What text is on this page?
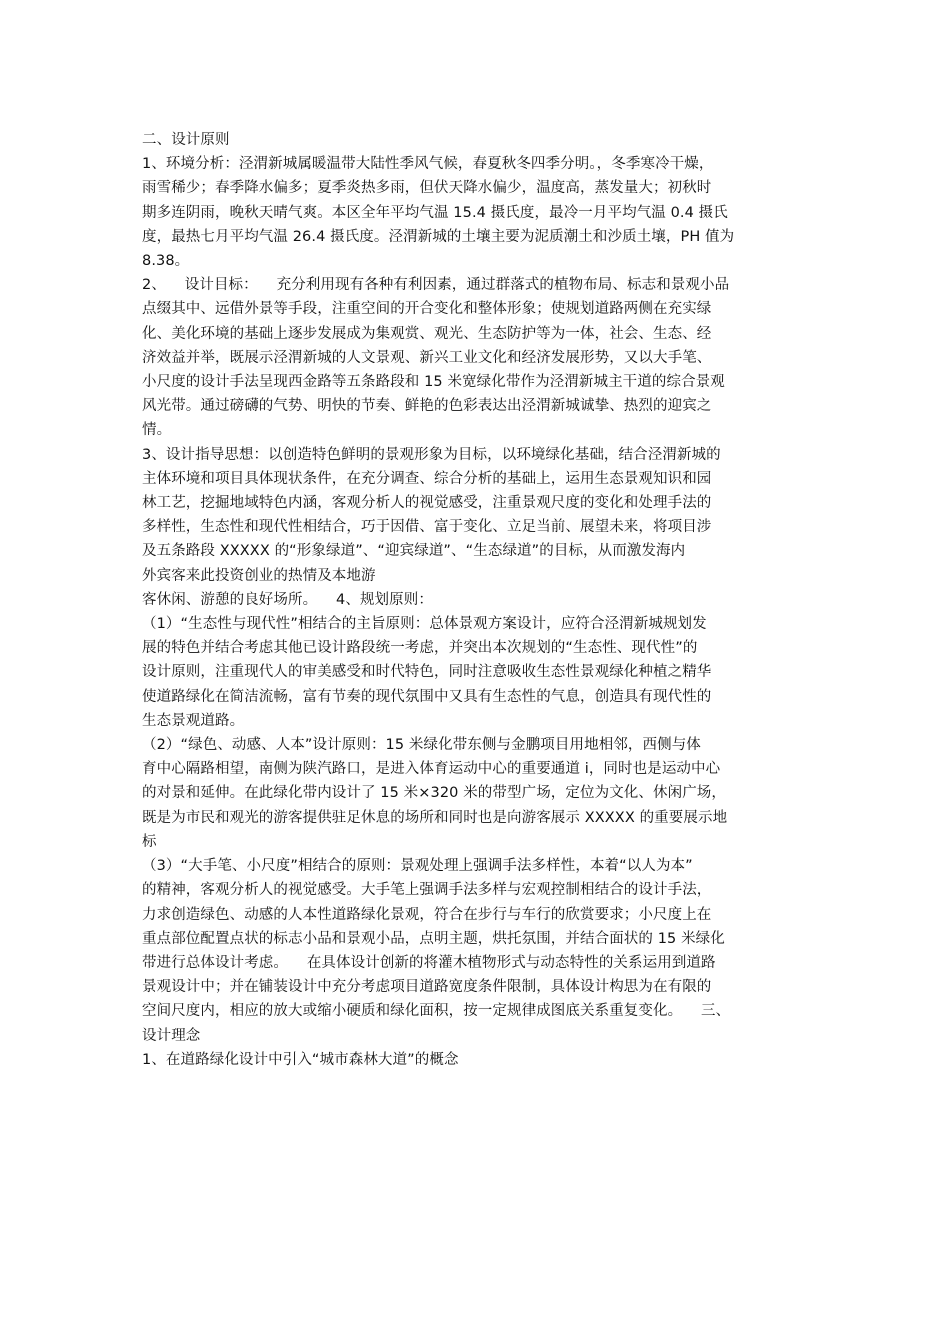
二、设计原则
1、环境分析：泾渭新城属暖温带大陆性季风气候，春夏秋冬四季分明。，冬季寒冷干燥，
雨雪稀少；春季降水偏多；夏季炎热多雨，但伏天降水偏少，温度高，蒸发量大；初秋时
期多连阴雨，晚秋天晴气爽。本区全年平均气温 15.4 摄氏度，最冷一月平均气温 0.4 摄氏
度，最热七月平均气温 26.4 摄氏度。泾渭新城的土壤主要为泥质潮土和沙质土壤，PH 值为
8.38。
2、    设计目标：    充分利用现有各种有利因素，通过群落式的植物布局、标志和景观小品
点缀其中、远借外景等手段，注重空间的开合变化和整体形象；使规划道路两侧在充实绿
化、美化环境的基础上逐步发展成为集观赏、观光、生态防护等为一体，社会、生态、经
济效益并举，既展示泾渭新城的人文景观、新兴工业文化和经济发展形势，又以大手笔、
小尺度的设计手法呈现西金路等五条路段和 15 米宽绿化带作为泾渭新城主干道的综合景观
风光带。通过磅礴的气势、明快的节奏、鲜艳的色彩表达出泾渭新城诚挚、热烈的迎宾之
情。
3、设计指导思想：以创造特色鲜明的景观形象为目标，以环境绿化基础，结合泾渭新城的
主体环境和项目具体现状条件，在充分调查、综合分析的基础上，运用生态景观知识和园
林工艺，挖掘地域特色内涵，客观分析人的视觉感受，注重景观尺度的变化和处理手法的
多样性，生态性和现代性相结合，巧于因借、富于变化、立足当前、展望未来，将项目涉
及五条路段 XXXXX 的“形象绿道”、“迎宾绿道”、“生态绿道”的目标，从而激发海内
外宾客来此投资创业的热情及本地游
客休闲、游憩的良好场所。    4、规划原则：
（1）“生态性与现代性”相结合的主旨原则：总体景观方案设计，应符合泾渭新城规划发
展的特色并结合考虑其他已设计路段统一考虑，并突出本次规划的“生态性、现代性”的
设计原则，注重现代人的审美感受和时代特色，同时注意吸收生态性景观绿化种植之精华
使道路绿化在简洁流畅，富有节奏的现代氛围中又具有生态性的气息，创造具有现代性的
生态景观道路。
（2）“绿色、动感、人本”设计原则：15 米绿化带东侧与金鹏项目用地相邻，西侧与体
育中心隔路相望，南侧为陕汽路口，是进入体育运动中心的重要通道 i，同时也是运动中心
的对景和延伸。在此绿化带内设计了 15 米×320 米的带型广场，定位为文化、休闲广场，
既是为市民和观光的游客提供驻足休息的场所和同时也是向游客展示 XXXXX 的重要展示地
标
（3）“大手笔、小尺度”相结合的原则：景观处理上强调手法多样性，本着“以人为本”
的精神，客观分析人的视觉感受。大手笔上强调手法多样与宏观控制相结合的设计手法，
力求创造绿色、动感的人本性道路绿化景观，符合在步行与车行的欣赏要求；小尺度上在
重点部位配置点状的标志小品和景观小品，点明主题，烘托氛围，并结合面状的 15 米绿化
带进行总体设计考虑。    在具体设计创新的将灌木植物形式与动态特性的关系运用到道路
景观设计中；并在铺装设计中充分考虑项目道路宽度条件限制，具体设计构思为在有限的
空间尺度内，相应的放大或缩小硬质和绿化面积，按一定规律成图底关系重复变化。    三、
设计理念
1、在道路绿化设计中引入“城市森林大道”的概念
